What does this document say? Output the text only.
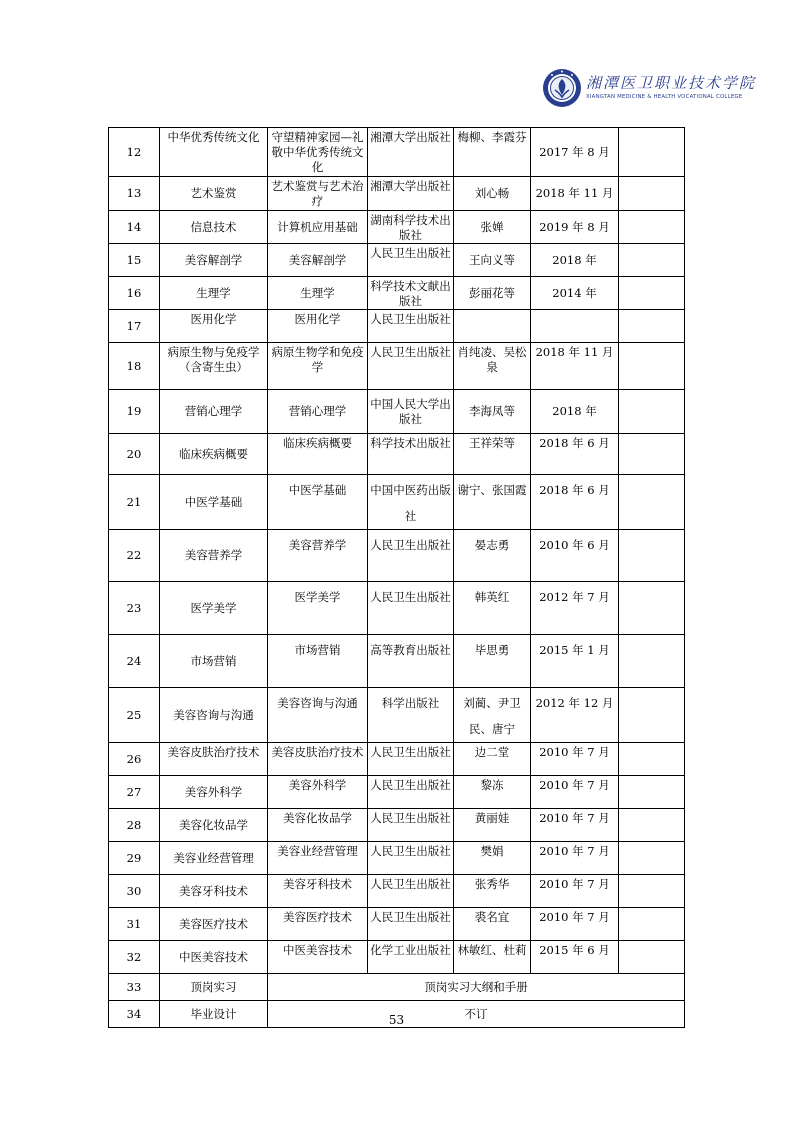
湘潭医卫职业技术学院
XIANGTAN MEDICINE & HEALTH VOCATIONAL COLLEGE
12	中华优秀传统文化	守望精神家园—礼敬中华优秀传统文化	湘潭大学出版社	梅柳、李霞芬	2017 年 8 月	
13	艺术鉴赏	艺术鉴赏与艺术治疗	湘潭大学出版社	刘心畅	2018 年 11 月	
14	信息技术	计算机应用基础	湖南科学技术出版社	张婵	2019 年 8 月	
15	美容解剖学	美容解剖学	人民卫生出版社	王向义等	2018 年	
16	生理学	生理学	科学技术文献出版社	彭丽花等	2014 年	
17	医用化学	医用化学	人民卫生出版社			
18	病原生物与免疫学（含寄生虫）	病原生物学和免疫学	人民卫生出版社	肖纯凌、吴松泉	2018 年 11 月	
19	营销心理学	营销心理学	中国人民大学出版社	李海凤等	2018 年	
20	临床疾病概要	临床疾病概要	科学技术出版社	王祥荣等	2018 年 6 月	
21	中医学基础	中医学基础	中国中医药出版社	谢宁、张国霞	2018 年 6 月	
22	美容营养学	美容营养学	人民卫生出版社	晏志勇	2010 年 6 月	
23	医学美学	医学美学	人民卫生出版社	韩英红	2012 年 7 月	
24	市场营销	市场营销	高等教育出版社	毕思勇	2015 年 1 月	
25	美容咨询与沟通	美容咨询与沟通	科学出版社	刘蔺、尹卫民、唐宁	2012 年 12 月	
26	美容皮肤治疗技术	美容皮肤治疗技术	人民卫生出版社	边二堂	2010 年 7 月	
27	美容外科学	美容外科学	人民卫生出版社	黎冻	2010 年 7 月	
28	美容化妆品学	美容化妆品学	人民卫生出版社	黄丽娃	2010 年 7 月	
29	美容业经营管理	美容业经营管理	人民卫生出版社	樊娟	2010 年 7 月	
30	美容牙科技术	美容牙科技术	人民卫生出版社	张秀华	2010 年 7 月	
31	美容医疗技术	美容医疗技术	人民卫生出版社	裘名宜	2010 年 7 月	
32	中医美容技术	中医美容技术	化学工业出版社	林敏红、杜莉	2015 年 6 月	
33	顶岗实习	顶岗实习大纲和手册				
34	毕业设计	不订				
53
